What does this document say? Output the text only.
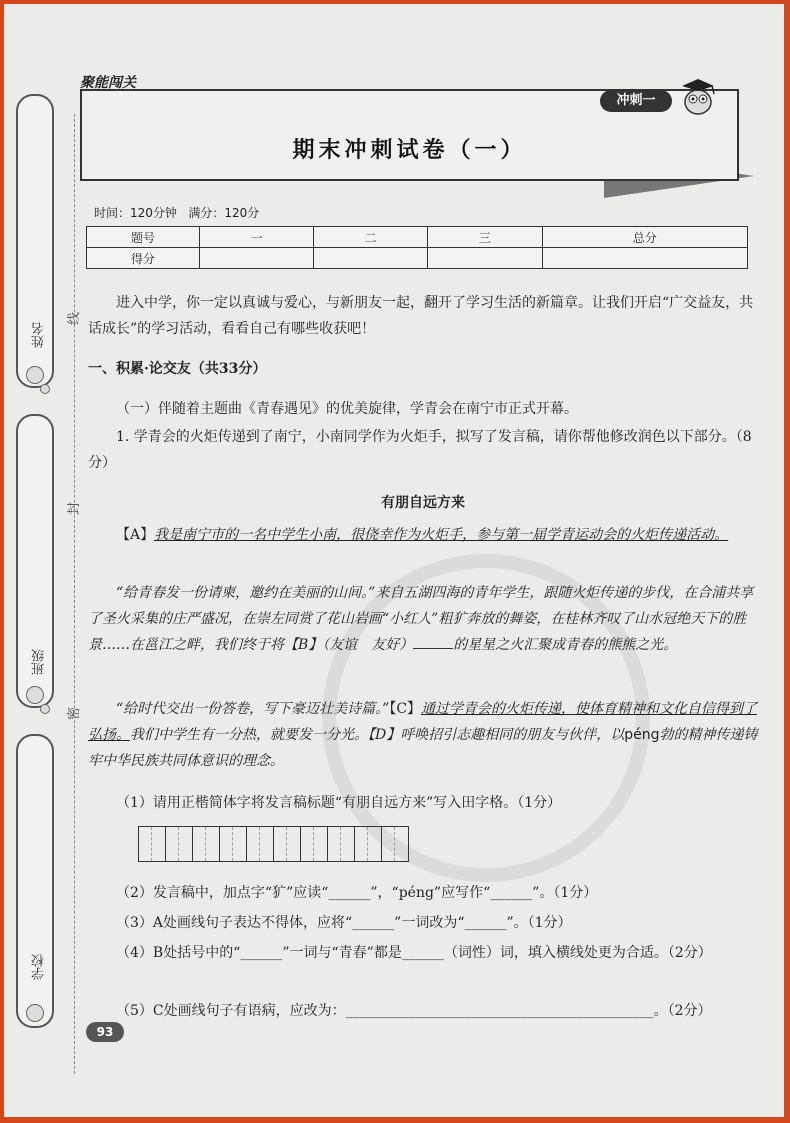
姓名
线
班级
封
密
学校
期末冲刺试卷（一）
聚能闯关
冲刺一
时间：120分钟 满分：120分
题号	一	二	三	总分
得分				
进入中学，你一定以真诚与爱心，与新朋友一起，翻开了学习生活的新篇章。让我们开启“广交益友，共话成长”的学习活动，看看自己有哪些收获吧！
一、积累·论交友（共33分）
（一）伴随着主题曲《青春遇见》的优美旋律，学青会在南宁市正式开幕。
1. 学青会的火炬传递到了南宁，小南同学作为火炬手，拟写了发言稿，请你帮他修改润色以下部分。（8分）
有朋自远方来
【A】我是南宁市的一名中学生小南，很侥幸作为火炬手，参与第一届学青运动会的火炬传递活动。
“给青春发一份请柬，邀约在美丽的山间。”来自五湖四海的青年学生，跟随火炬传递的步伐，在合浦共享了圣火采集的庄严盛况，在崇左同赏了花山岩画“小红人”粗犷奔放的舞姿，在桂林齐叹了山水冠绝天下的胜景……在邕江之畔，我们终于将【B】（友谊　友好）	的星星之火汇聚成青春的熊熊之光。
“给时代交出一份答卷，写下豪迈壮美诗篇。”【C】通过学青会的火炬传递，使体育精神和文化自信得到了弘扬。我们中学生有一分热，就要发一分光。【D】呼唤招引志趣相同的朋友与伙伴，以péng勃的精神传递铸牢中华民族共同体意识的理念。
（1）请用正楷简体字将发言稿标题“有朋自远方来”写入田字格。（1分）
（2）发言稿中，加点字“犷”应读“______”，“péng”应写作“______”。（1分）
（3）A处画线句子表达不得体，应将“______”一词改为“______”。（1分）
（4）B处括号中的“______”一词与“青春”都是______（词性）词，填入横线处更为合适。（2分）
（5）C处画线句子有语病，应改为：____________________________________________。（2分）
93
